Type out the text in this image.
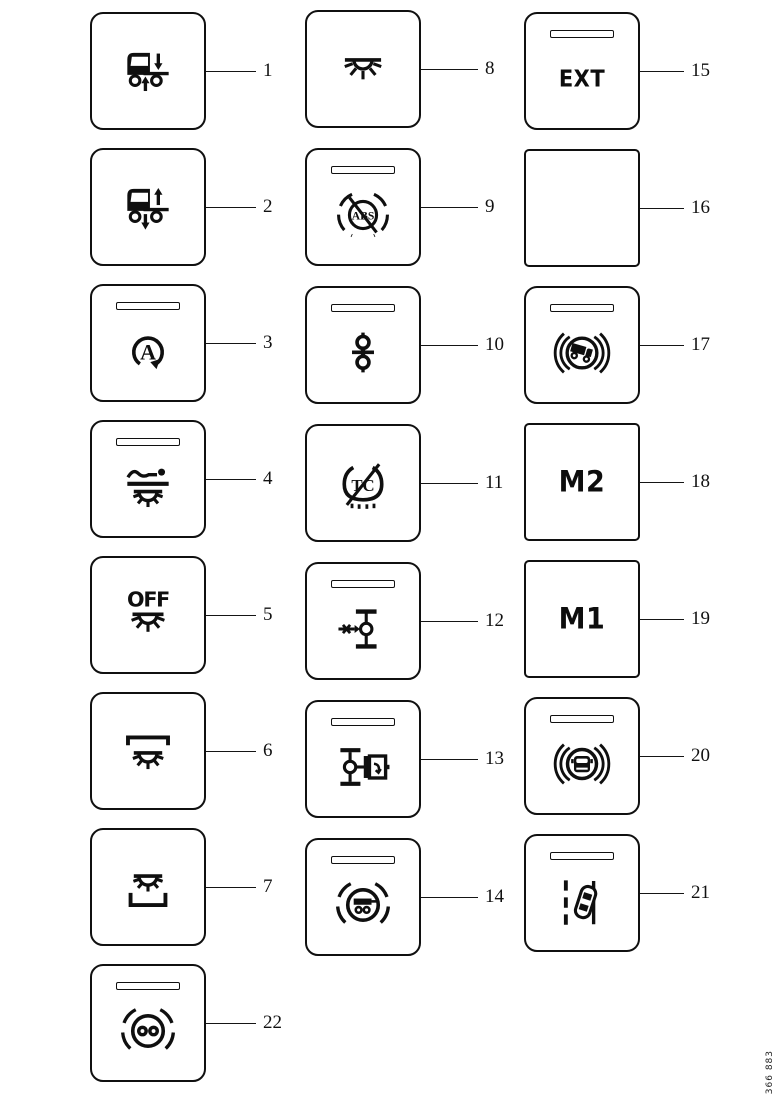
1
2
A	3
4
OFF
5
6
7
22
8
ABS	9
10
TC	11
12
13
14
EXT	15
16
17
M2	18
M1	19
20
21
366 883
